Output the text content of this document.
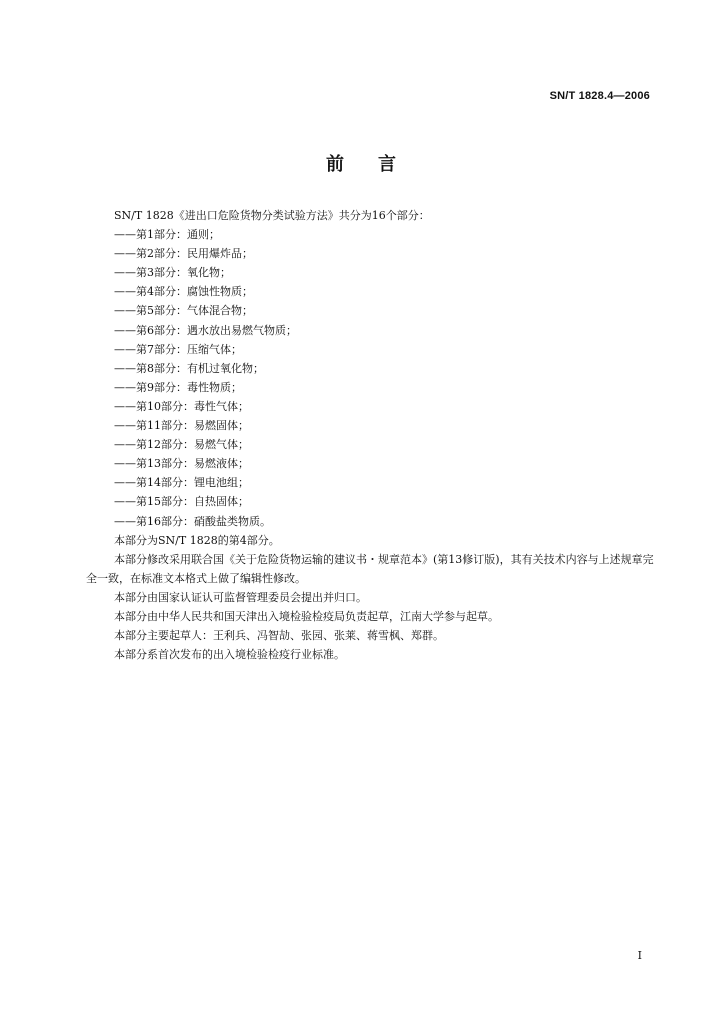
SN/T 1828.4—2006
前言

SN/T 1828《进出口危险货物分类试验方法》共分为16个部分：

——第1部分：通则；
——第2部分：民用爆炸品；
——第3部分：氧化物；
——第4部分：腐蚀性物质；
——第5部分：气体混合物；
——第6部分：遇水放出易燃气物质；
——第7部分：压缩气体；
——第8部分：有机过氧化物；
——第9部分：毒性物质；
——第10部分：毒性气体；
——第11部分：易燃固体；
——第12部分：易燃气体；
——第13部分：易燃液体；
——第14部分：锂电池组；
——第15部分：自热固体；
——第16部分：硝酸盐类物质。

本部分为SN/T 1828的第4部分。

本部分修改采用联合国《关于危险货物运输的建议书・规章范本》(第13修订版)，其有关技术内容与上述规章完全一致，在标准文本格式上做了编辑性修改。

本部分由国家认证认可监督管理委员会提出并归口。

本部分由中华人民共和国天津出入境检验检疫局负责起草，江南大学参与起草。

本部分主要起草人：王利兵、冯智劼、张园、张莱、蒋雪枫、郑群。

本部分系首次发布的出入境检验检疫行业标准。

I
